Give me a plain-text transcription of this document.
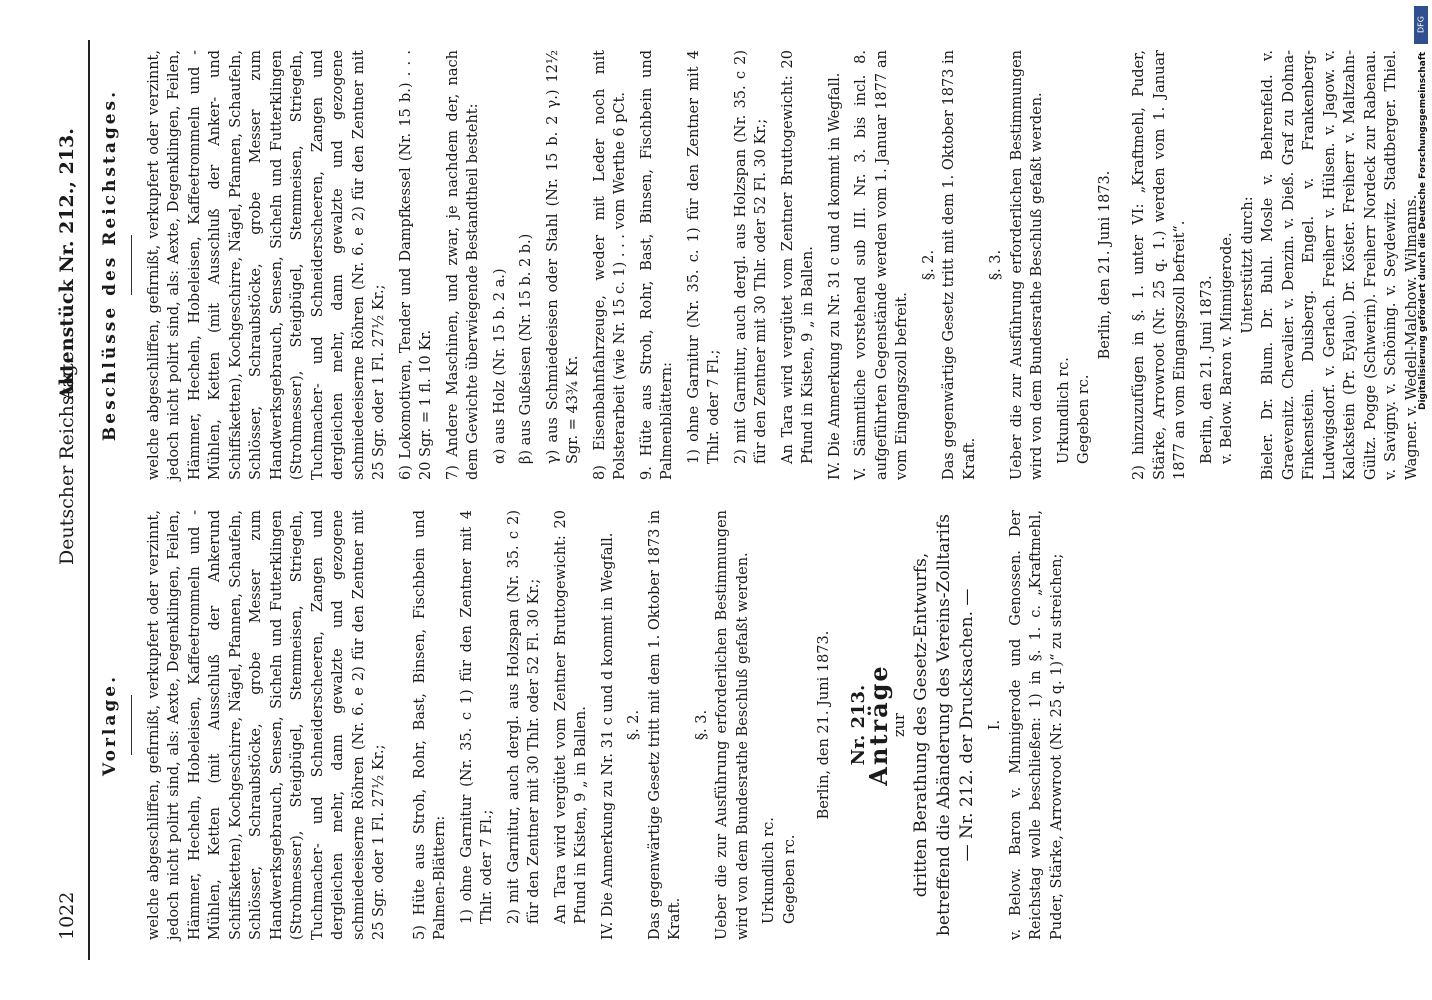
1022
Deutscher Reichstag.
Aktenstück Nr. 212., 213.
Vorlage. welche abgeschliffen, gefirnißt, verkupfert oder verzinnt, jedoch nicht polirt sind, als: Aexte, Degenklingen, Feilen, Hämmer, Hecheln, Hobeleisen, Kaffeetrommeln und -Mühlen, Ketten (mit Ausschluß der Ankerund Schiffsketten), Kochgeschirre, Nägel, Pfannen, Schaufeln, Schlösser, Schraubstöcke, grobe Messer zum Handwerksgebrauch, Sensen, Sicheln und Futterklingen (Strohmesser), Steigbügel, Stemmeisen, Striegeln, Tuchmacher- und Schneiderscheeren, Zangen und dergleichen mehr, dann gewalzte und gezogene schmiedeeiserne Röhren (Nr. 6. e 2) für den Zentner mit 25 Sgr. oder 1 Fl. 27½ Kr.; 5) Hüte aus Stroh, Rohr, Bast, Binsen, Fischbein und Palmen-Blättern: 1) ohne Garnitur (Nr. 35. c 1) für den Zentner mit 4 Thlr. oder 7 Fl.; 2) mit Garnitur, auch dergl. aus Holzspan (Nr. 35. c 2) für den Zentner mit 30 Thlr. oder 52 Fl. 30 Kr.; An Tara wird vergütet vom Zentner Bruttogewicht: 20 Pfund in Kisten, 9 „ in Ballen. IV. Die Anmerkung zu Nr. 31 c und d kommt in Wegfall. §. 2. Das gegenwärtige Gesetz tritt mit dem 1. Oktober 1873 in Kraft.
§. 3. Ueber die zur Ausführung erforderlichen Bestimmungen wird von dem Bundesrathe Beschluß gefaßt werden. Urkundlich rc. Gegeben rc.
Berlin, den 21. Juni 1873. Nr. 213.
Anträge
zur dritten Berathung des Gesetz-Entwurfs, betreffend die Abänderung des Vereins-Zolltarifs — Nr. 212. der Drucksachen. — I. v. Below. Baron v. Minnigerode und Genossen. Der Reichstag wolle beschließen: 1) in §. 1. c. „Kraftmehl, Puder, Stärke, Arrowroot (Nr. 25 q. 1)“ zu streichen;
Beschlüsse des Reichstages. welche abgeschliffen, gefirnißt, verkupfert oder verzinnt, jedoch nicht polirt sind, als: Aexte, Degenklingen, Feilen, Hämmer, Hecheln, Hobeleisen, Kaffeetrommeln und -Mühlen, Ketten (mit Ausschluß der Anker- und Schiffsketten), Kochgeschirre, Nägel, Pfannen, Schaufeln, Schlösser, Schraubstöcke, grobe Messer zum Handwerksgebrauch, Sensen, Sicheln und Futterklingen (Strohmesser), Steigbügel, Stemmeisen, Striegeln, Tuchmacher- und Schneiderscheeren, Zangen und dergleichen mehr, dann gewalzte und gezogene schmiedeeiserne Röhren (Nr. 6. e 2) für den Zentner mit 25 Sgr. oder 1 Fl. 27½ Kr.; 6) Lokomotiven, Tender und Dampfkessel (Nr. 15 b.) . . . 20 Sgr. = 1 fl. 10 Kr. 7) Andere Maschinen, und zwar, je nachdem der, nach dem Gewichte überwiegende Bestandtheil besteht: α) aus Holz (Nr. 15 b. 2 a.) β) aus Gußeisen (Nr. 15 b. 2 b.) γ) aus Schmiedeeisen oder Stahl (Nr. 15 b. 2 γ.) 12½ Sgr. = 43¾ Kr. 8) Eisenbahnfahrzeuge, weder mit Leder noch mit Polsterarbeit (wie Nr. 15 c. 1) . . . vom Werthe 6 pCt. 9. Hüte aus Stroh, Rohr, Bast, Binsen, Fischbein und Palmenblättern: 1) ohne Garnitur (Nr. 35. c. 1) für den Zentner mit 4 Thlr. oder 7 Fl.; 2) mit Garnitur, auch dergl. aus Holzspan (Nr. 35. c 2) für den Zentner mit 30 Thlr. oder 52 Fl. 30 Kr.; An Tara wird vergütet vom Zentner Bruttogewicht: 20 Pfund in Kisten, 9 „ in Ballen. IV. Die Anmerkung zu Nr. 31 c und d kommt in Wegfall. V. Sämmtliche vorstehend sub III. Nr. 3. bis incl. 8. aufgeführten Gegenstände werden vom 1. Januar 1877 an vom Eingangszoll befreit.
§. 2. Das gegenwärtige Gesetz tritt mit dem 1. Oktober 1873 in Kraft.
§. 3. Ueber die zur Ausführung erforderlichen Bestimmungen wird von dem Bundesrathe Beschluß gefaßt werden. Urkundlich rc. Gegeben rc.
Berlin, den 21. Juni 1873. 2) hinzuzufügen in §. 1. unter VI: „Kraftmehl, Puder, Stärke, Arrowroot (Nr. 25 q. 1.) werden vom 1. Januar 1877 an vom Eingangszoll befreit“. Berlin, den 21. Juni 1873. v. Below. Baron v. Minnigerode. Unterstützt durch: Bieler. Dr. Blum. Dr. Buhl. Mosle v. Behrenfeld. v. Graevenitz. Chevalier. v. Denzin. v. Dieß. Graf zu Dohna-Finkenstein. Duisberg. Engel. v. Frankenberg-Ludwigsdorf. v. Gerlach. Freiherr v. Hülsen. v. Jagow. v. Kalckstein (Pr. Eylau). Dr. Köster. Freiherr v. Maltzahn-Gültz. Pogge (Schwerin). Freiherr Nordeck zur Rabenau. v. Savigny. v. Schöning. v. Seydewitz. Stadtberger. Thiel. Wagner. v. Wedell-Malchow. Wilmanns.
DFG
Digitalisierung gefördert durch die Deutsche Forschungsgemeinschaft
